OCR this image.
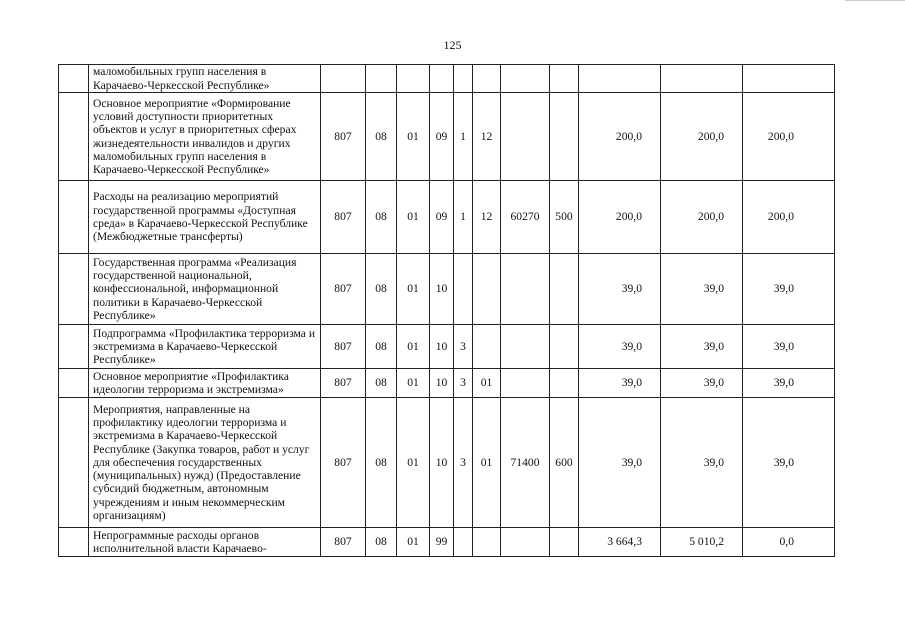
125
	маломобильных групп населения в Карачаево-Черкесской Республике»											
	Основное мероприятие «Формирование условий доступности приоритетных объектов и услуг в приоритетных сферах жизнедеятельности инвалидов и других маломобильных групп населения в Карачаево-Черкесской Республике»	807	08	01	09	1	12			200,0	200,0	200,0
	Расходы на реализацию мероприятий государственной программы «Доступная среда» в Карачаево-Черкесской Республике (Межбюджетные трансферты)	807	08	01	09	1	12	60270	500	200,0	200,0	200,0
	Государственная программа «Реализация государственной национальной, конфессиональной, информационной политики в Карачаево-Черкесской Республике»	807	08	01	10					39,0	39,0	39,0
	Подпрограмма «Профилактика терроризма и экстремизма в Карачаево-Черкесской Республике»	807	08	01	10	3				39,0	39,0	39,0
	Основное мероприятие «Профилактика идеологии терроризма и экстремизма»	807	08	01	10	3	01			39,0	39,0	39,0
	Мероприятия, направленные на профилактику идеологии терроризма и экстремизма в Карачаево-Черкесской Республике (Закупка товаров, работ и услуг для обеспечения государственных (муниципальных) нужд) (Предоставление субсидий бюджетным, автономным учреждениям и иным некоммерческим организациям)	807	08	01	10	3	01	71400	600	39,0	39,0	39,0
	Непрограммные расходы органов исполнительной власти Карачаево-	807	08	01	99					3 664,3	5 010,2	0,0
